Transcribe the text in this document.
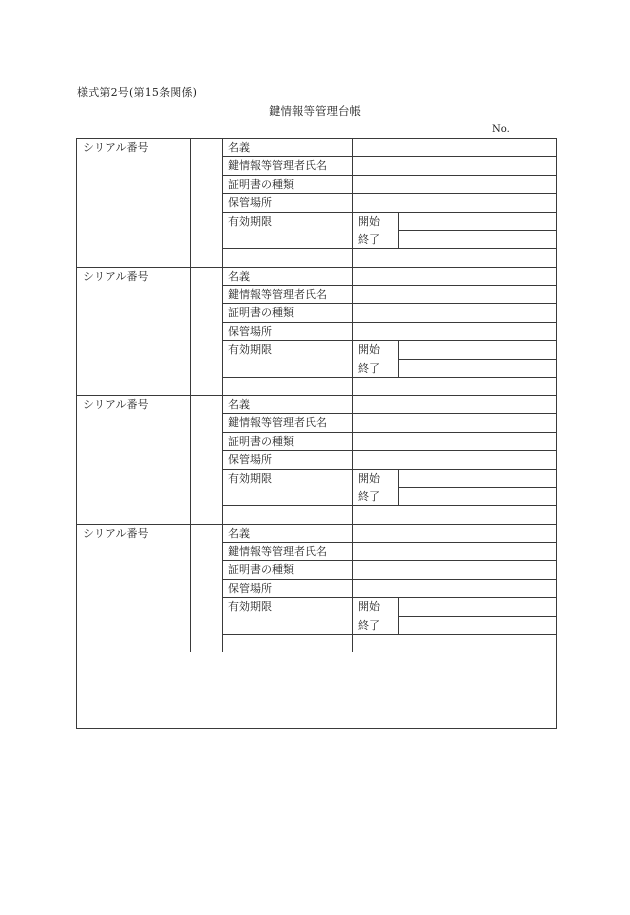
様式第2号(第15条関係)
鍵情報等管理台帳
No.
シリアル番号	名義
鍵情報等管理者氏名
証明書の種類
保管場所
有効期限	開始
終了
シリアル番号	名義
鍵情報等管理者氏名
証明書の種類
保管場所
有効期限	開始
終了
シリアル番号	名義
鍵情報等管理者氏名
証明書の種類
保管場所
有効期限	開始
終了
シリアル番号	名義
鍵情報等管理者氏名
証明書の種類
保管場所
有効期限	開始
終了
